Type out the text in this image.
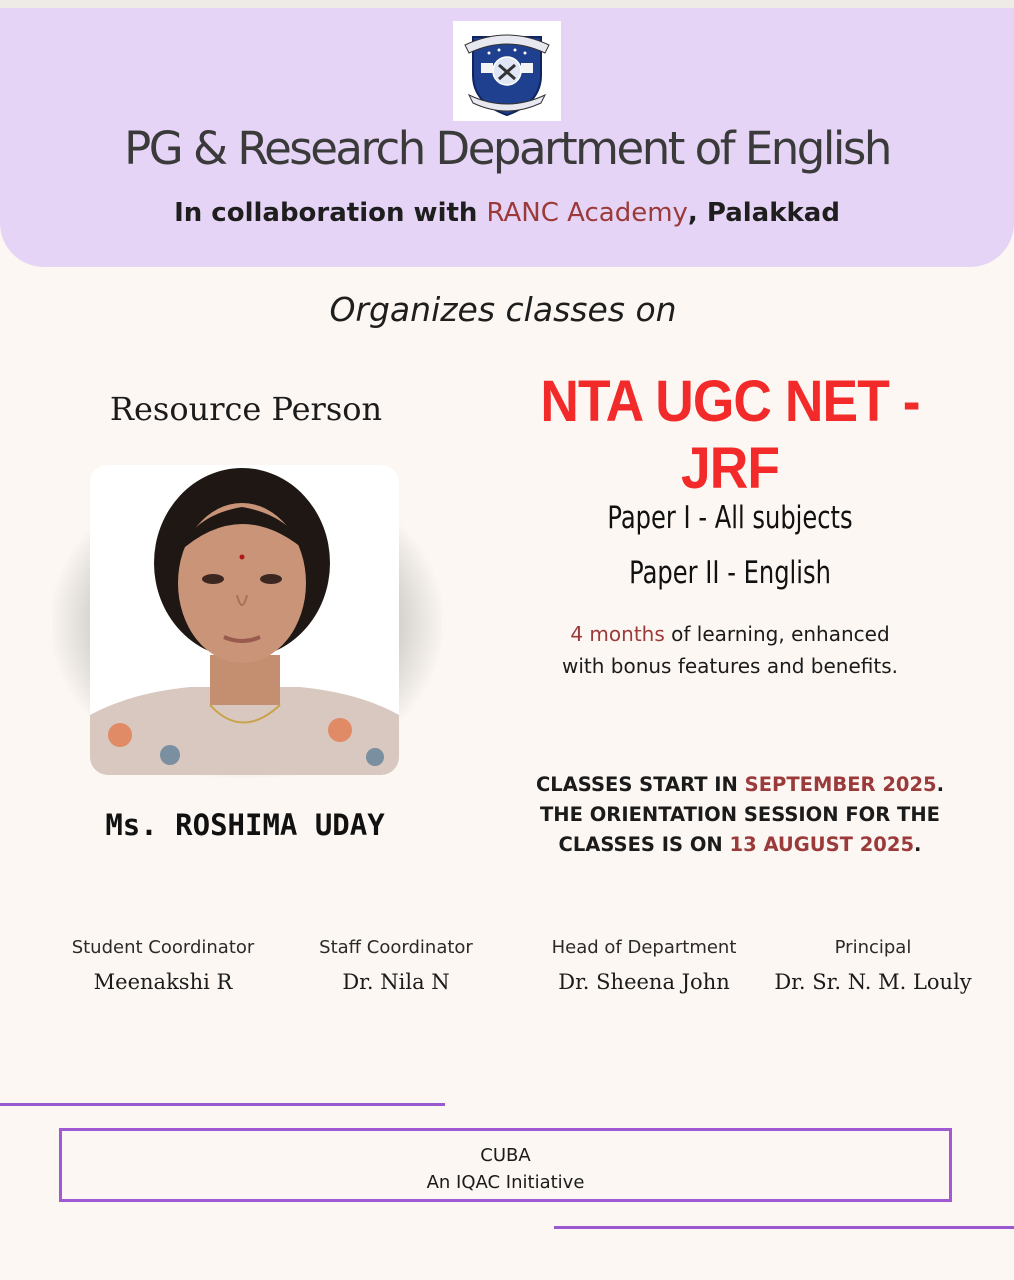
PG & Research Department of English
In collaboration with RANC Academy, Palakkad
Organizes classes on
Resource Person	NTA UGC NET - JRF
Ms. ROSHIMA UDAY
Paper I - All subjects
Paper II - English
4 months of learning, enhanced
with bonus features and benefits.
CLASSES START IN SEPTEMBER 2025.
THE ORIENTATION SESSION FOR THE
CLASSES IS ON 13 AUGUST 2025.
Student Coordinator
Meenakshi R
Staff Coordinator
Dr. Nila N
Head of Department
Dr. Sheena John
Principal
Dr. Sr. N. M. Louly
CUBA
An IQAC Initiative
